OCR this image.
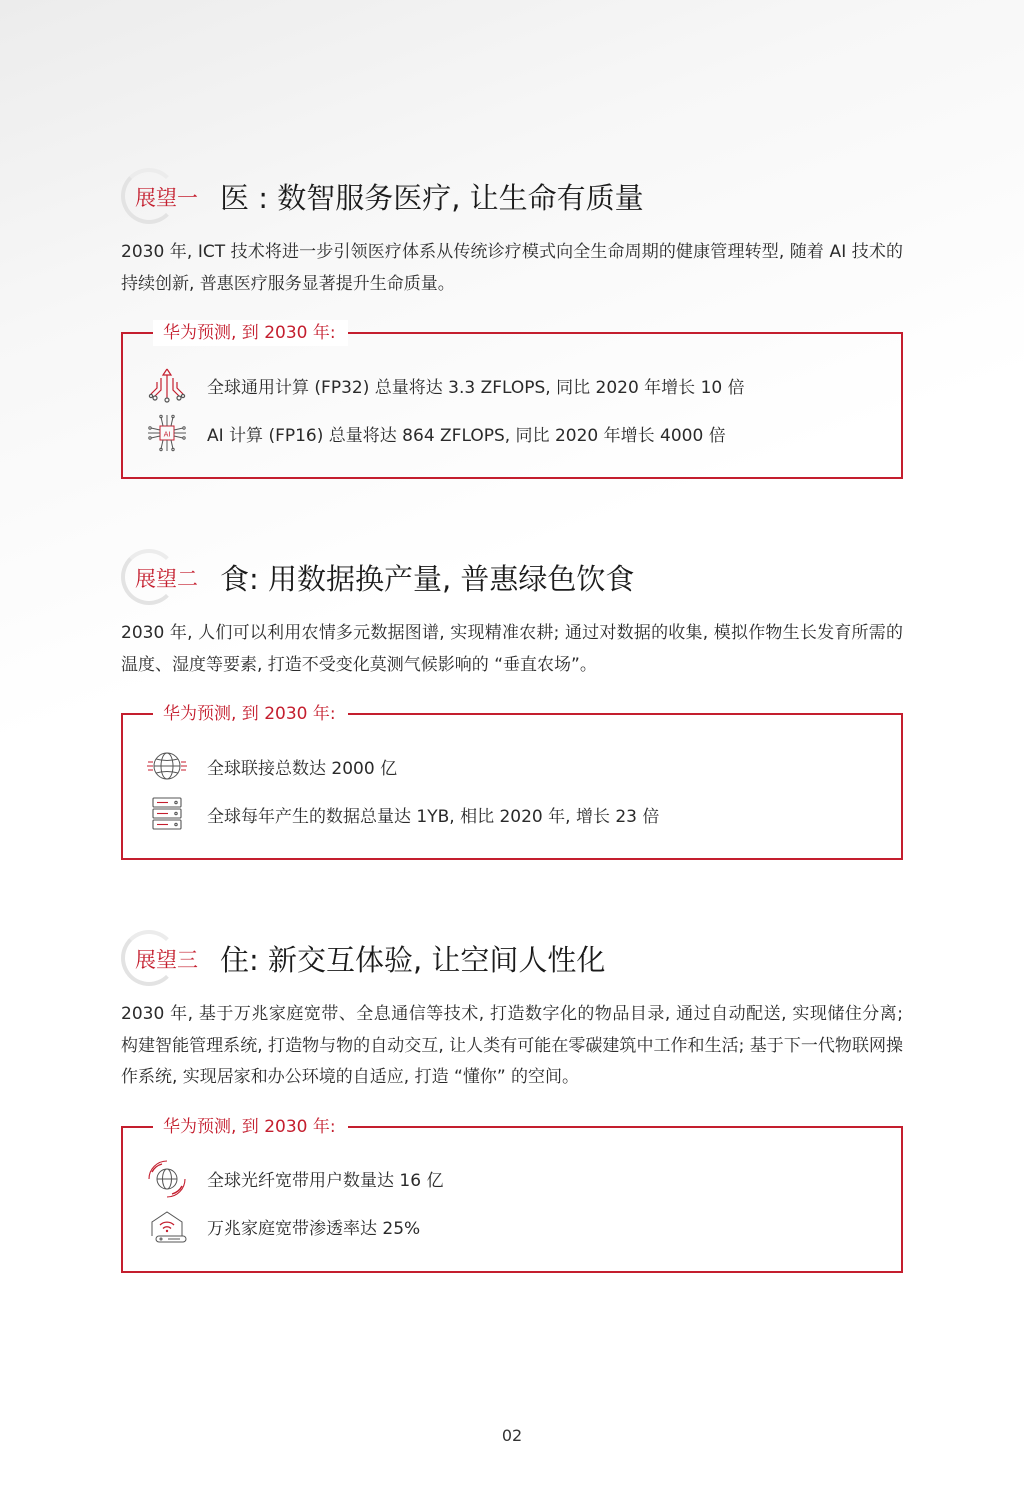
展望一 医 : 数智服务医疗, 让生命有质量

2030 年, ICT 技术将进一步引领医疗体系从传统诊疗模式向全生命周期的健康管理转型, 随着 AI 技术的持续创新, 普惠医疗服务显著提升生命质量。

华为预测, 到 2030 年:
全球通用计算 (FP32) 总量将达 3.3 ZFLOPS, 同比 2020 年增长 10 倍
AI AI 计算 (FP16) 总量将达 864 ZFLOPS, 同比 2020 年增长 4000 倍
展望二 食: 用数据换产量, 普惠绿色饮食

2030 年, 人们可以利用农情多元数据图谱, 实现精准农耕; 通过对数据的收集, 模拟作物生长发育所需的温度、湿度等要素, 打造不受变化莫测气候影响的 “垂直农场”。

华为预测, 到 2030 年:
全球联接总数达 2000 亿
全球每年产生的数据总量达 1YB, 相比 2020 年, 增长 23 倍
展望三 住: 新交互体验, 让空间人性化

2030 年, 基于万兆家庭宽带、全息通信等技术, 打造数字化的物品目录, 通过自动配送, 实现储住分离; 构建智能管理系统, 打造物与物的自动交互, 让人类有可能在零碳建筑中工作和生活; 基于下一代物联网操作系统, 实现居家和办公环境的自适应, 打造 “懂你” 的空间。

华为预测, 到 2030 年:
全球光纤宽带用户数量达 16 亿
万兆家庭宽带渗透率达 25%
02
